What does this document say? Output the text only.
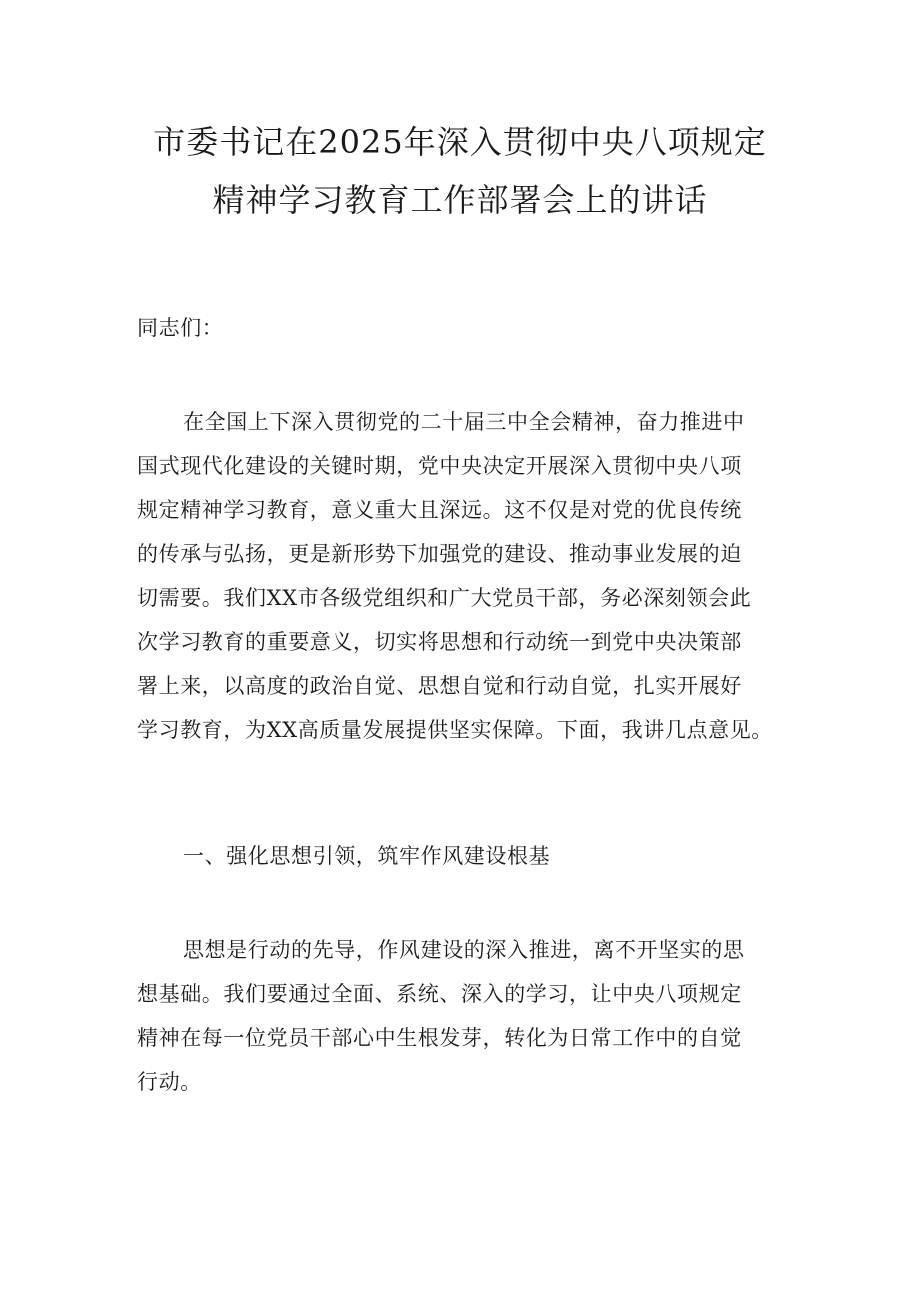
市委书记在2025年深入贯彻中央八项规定
精神学习教育工作部署会上的讲话

同志们：

在全国上下深入贯彻党的二十届三中全会精神，奋力推进中
国式现代化建设的关键时期，党中央决定开展深入贯彻中央八项
规定精神学习教育，意义重大且深远。这不仅是对党的优良传统
的传承与弘扬，更是新形势下加强党的建设、推动事业发展的迫
切需要。我们XX市各级党组织和广大党员干部，务必深刻领会此
次学习教育的重要意义，切实将思想和行动统一到党中央决策部
署上来，以高度的政治自觉、思想自觉和行动自觉，扎实开展好
学习教育，为XX高质量发展提供坚实保障。下面，我讲几点意见。

一、强化思想引领，筑牢作风建设根基

思想是行动的先导，作风建设的深入推进，离不开坚实的思
想基础。我们要通过全面、系统、深入的学习，让中央八项规定
精神在每一位党员干部心中生根发芽，转化为日常工作中的自觉
行动。
